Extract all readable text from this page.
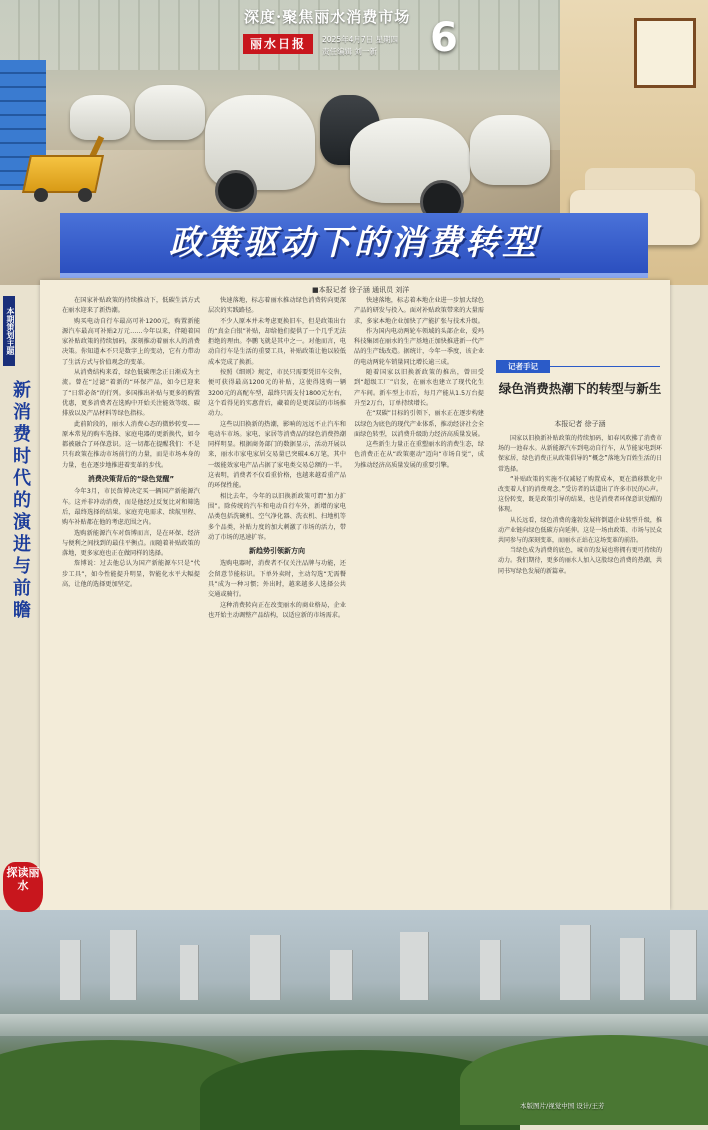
深度·聚焦丽水消费市场
丽水日报	2025年4月7日 星期四
责任编辑 刘一新 6
政策驱动下的消费转型
■本报记者 徐子涵 通讯员 刘洋

在国家补贴政策的持续推动下，低碳生活方式在丽水迎来了新热潮。

购买电动自行车最高可补1200元，购置新能源汽车最高可补贴2万元……今年以来，伴随着国家补贴政策的持续加码，深刻推动着丽水人的消费决策。你知道本不只是数字上的变动，它有力带动了生活方式与价值观念的变革。

从消费结构来看，绿色低碳理念正日渐成为主流。曾在“过滤”着新的“环保产品，如今已迎来了“日常必备”的行列。多国推出补贴与更多的购置优惠，更多消费者在选购中开始关注能效等级、碳排放以及产品材料等绿色指标。

此前阶段的，丽水人消费心态的微妙转变——原本常见的购车选择、家庭电器的更新换代，如今都被融合了环保意识。这一切都在提醒我们：不是只有政策在推动市场前行的力量，而是市场本身的力量，也在逐步地推进着变革的步伐。

消费决策背后的“绿色觉醒”

今年3月，市民詹博决定买一辆国产新能源汽车。这并非冲动消费，而是他经过反复比对和筛选后，最终选择的结果。家庭充电需求、续航里程、购车补贴都在他的考虑范围之内。

选购新能源汽车对詹博而言，是在环保、经济与便利之间找到的最佳平衡点。而随着补贴政策的落地，更多家庭也正在做同样的选择。

詹博说：过去他总认为国产新能源车只是“代步工具”，如今性能提升明显，智能化水平大幅提高，让他的选择更加坚定。

快速落地，标志着丽水推动绿色消费转向更深层次的实践路径。

不少人原本并未考虑更换旧车，但是政策出台的“真金白银”补贴，却给他们提供了一个几乎无法拒绝的理由。李鹏飞就是其中之一。对他而言，电动自行车是生活的重要工具，补贴政策让他以较低成本完成了换新。

按照《细则》规定，市民只需要凭旧车交售，便可获得最高1200元的补贴，这使得选购一辆3200元的高配车型，最终只需支付1800元左右，这个看得见的实惠背后，藏着的是更深层的市场推动力。

这些以旧换新的热潮，影响的远远不止汽车和电动车市场。家电、家居等消费品的绿色消费热潮同样明显。根据商务部门的数据显示，活动开展以来，丽水市家电家居交易量已突破4.6万笔，其中一级能效家电产品占据了家电类交易总额的一半。这表明，消费者不仅看重价格，也越来越看重产品的环保性能。

相比去年，今年的以旧换新政策可谓“加力扩围”。除传统的汽车和电动自行车外，新增的家电品类包括洗碗机、空气净化器、洗衣机、扫地机等多个品类，补贴力度的加大刺激了市场的活力，带动了市场的迅速扩容。

新趋势引领新方向

选购电器时，消费者不仅关注品牌与功能，还会留意节能标识。下单外卖时，主动勾选“无需餐具”成为一种习惯；外出时，越来越多人选择公共交通或骑行。

这种消费转向正在改变丽水的商业格局，企业也开始主动调整产品结构，以适应新的市场需求。

快速落地，标志着本地企业进一步加大绿色产品的研发与投入。面对补贴政策带来的大量需求，多家本地企业加快了产能扩张与技术升级。

作为国内电动两轮车领域的头部企业，爱玛科技集团在丽水的生产基地正加快推进新一代产品的生产线改造。据统计，今年一季度，该企业的电动两轮车销量同比增长逾三成。

随着国家以旧换新政策的推出，曾田受到“超级工厂”启发，在丽水也建立了现代化生产车间。新车型上市后，每月产能从1.5万台提升至2万台，订单持续增长。

在“双碳”目标的引领下，丽水正在逐步构建以绿色为底色的现代产业体系，推动经济社会全面绿色转型，以消费升级助力经济高质量发展。

这些新生力量正在重塑丽水的消费生态，绿色消费正在从“政策驱动”迈向“市场自觉”，成为推动经济高质量发展的重要引擎。

记者手记
绿色消费热潮下的转型与新生
本报记者 徐子涵

国家以旧换新补贴政策的持续加码，如春风吹拂了消费市场的一池春水。从新能源汽车到电动自行车，从节能家电到环保家居，绿色消费正从政策倡导的“概念”落地为百姓生活的日常选择。

“补贴政策的实施不仅减轻了购置成本，更在潜移默化中改变着人们的消费观念。”受访者的话道出了许多市民的心声。这份转变，既是政策引导的结果，也是消费者环保意识觉醒的体现。

从长远看，绿色消费的蓬勃发展将倒逼企业转型升级，推动产业链向绿色低碳方向延伸。这是一场由政策、市场与民众共同参与的深刻变革，而丽水正站在这场变革的前沿。

当绿色成为消费的底色，城市的发展也将拥有更可持续的动力。我们期待，更多的丽水人加入这股绿色消费的热潮，共同书写绿色发展的新篇章。

本期策划主题
新消费时代的演进与前瞻
探读丽水
本版图片/视觉中国 设计/王芳
